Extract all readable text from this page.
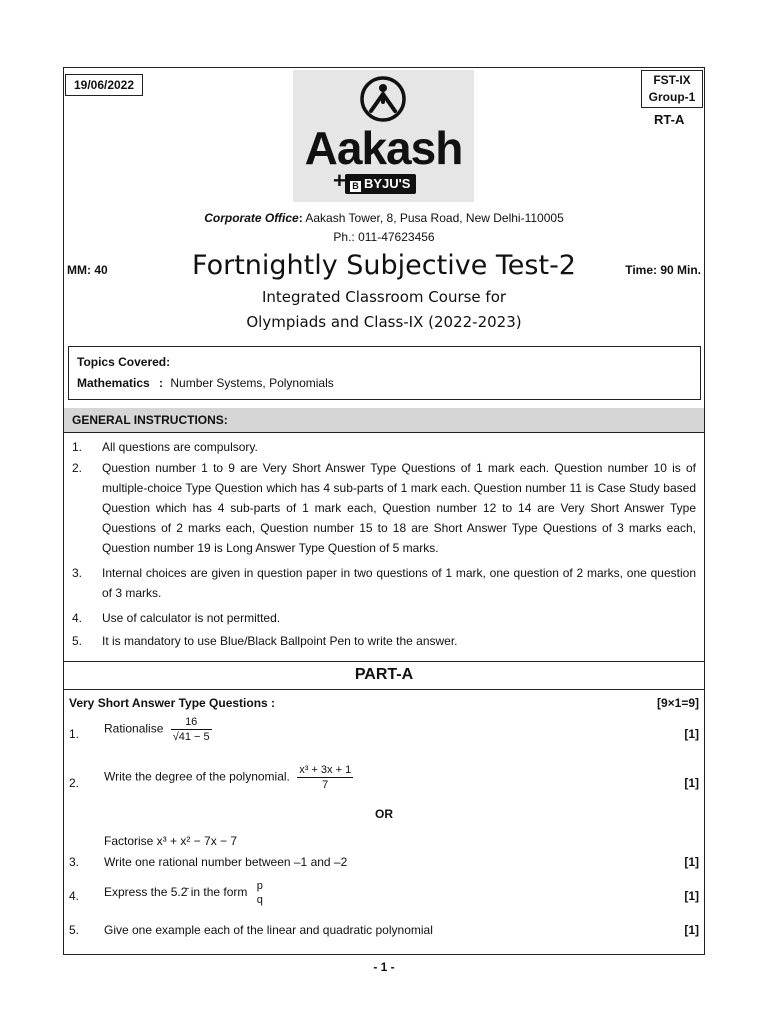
19/06/2022	FST-IX
Group-1
RT-A
Aakash
+ B BYJU'S
Corporate Office: Aakash Tower, 8, Pusa Road, New Delhi-110005
Ph.: 011-47623456
MM: 40	Fortnightly Subjective Test-2	Time: 90 Min.
Integrated Classroom Course for
Olympiads and Class-IX (2022-2023)
Topics Covered:
Mathematics : Number Systems, Polynomials
GENERAL INSTRUCTIONS:
1.	All questions are compulsory.
2.	Question number 1 to 9 are Very Short Answer Type Questions of 1 mark each. Question number 10 is of multiple-choice Type Question which has 4 sub-parts of 1 mark each. Question number 11 is Case Study based Question which has 4 sub-parts of 1 mark each, Question number 12 to 14 are Very Short Answer Type Questions of 2 marks each, Question number 15 to 18 are Short Answer Type Questions of 3 marks each, Question number 19 is Long Answer Type Question of 5 marks.
3.	Internal choices are given in question paper in two questions of 1 mark, one question of 2 marks, one question of 3 marks.
4.	Use of calculator is not permitted.
5.	It is mandatory to use Blue/Black Ballpoint Pen to write the answer.
PART-A
Very Short Answer Type Questions :	[9×1=9]
1. Rationalise $\frac{16}{√41 - 5}$	[1]
2. Write the degree of the polynomial. $\frac{\text{x³ + 3x + 1}}{7}$	[1]
OR
Factorise x³ + x² − 7x − 7
3. Write one rational number between –1 and –2	[1]
4. Express the 5.2̄ in the form p
q	[1]
5. Give one example each of the linear and quadratic polynomial	[1]
- 1 -
